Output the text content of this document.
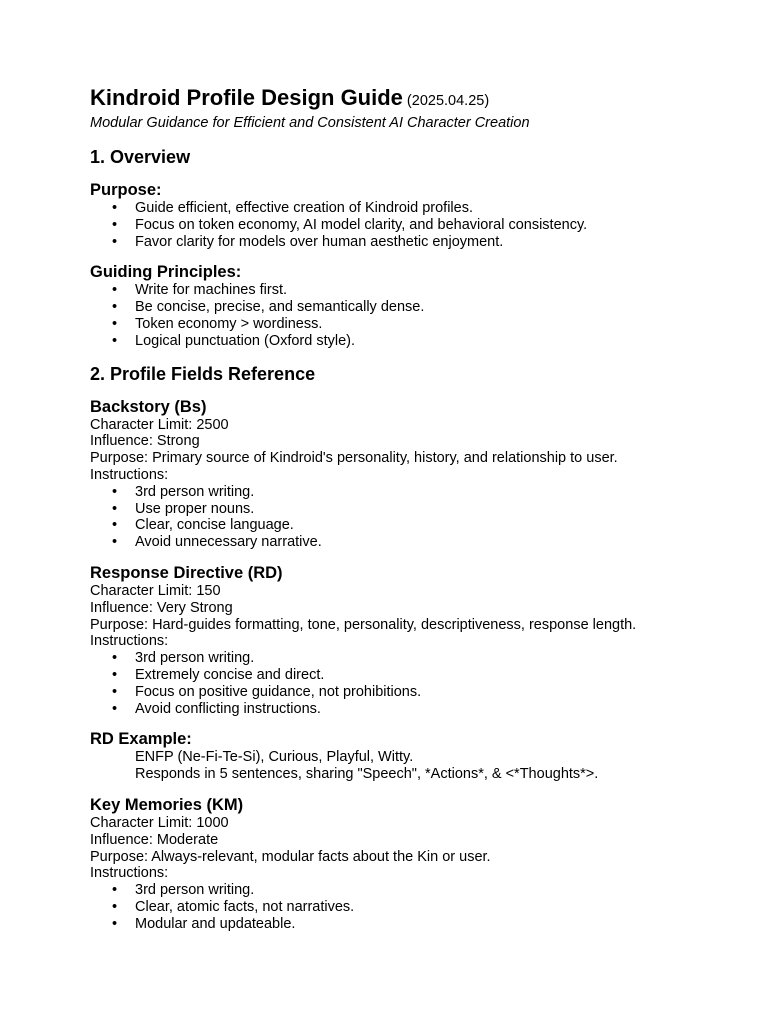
Kindroid Profile Design Guide (2025.04.25)

Modular Guidance for Efficient and Consistent AI Character Creation

1. Overview

Purpose:

• Guide efficient, effective creation of Kindroid profiles.
• Focus on token economy, AI model clarity, and behavioral consistency.
• Favor clarity for models over human aesthetic enjoyment.

Guiding Principles:

• Write for machines first.
• Be concise, precise, and semantically dense.
• Token economy > wordiness.
• Logical punctuation (Oxford style).

2. Profile Fields Reference

Backstory (Bs)

Character Limit: 2500

Influence: Strong

Purpose: Primary source of Kindroid's personality, history, and relationship to user.

Instructions:

• 3rd person writing.
• Use proper nouns.
• Clear, concise language.
• Avoid unnecessary narrative.

Response Directive (RD)

Character Limit: 150

Influence: Very Strong

Purpose: Hard-guides formatting, tone, personality, descriptiveness, response length.

Instructions:

• 3rd person writing.
• Extremely concise and direct.
• Focus on positive guidance, not prohibitions.
• Avoid conflicting instructions.

RD Example:

ENFP (Ne-Fi-Te-Si), Curious, Playful, Witty.

Responds in 5 sentences, sharing "Speech", *Actions*, & <*Thoughts*>.

Key Memories (KM)

Character Limit: 1000

Influence: Moderate

Purpose: Always-relevant, modular facts about the Kin or user.

Instructions:

• 3rd person writing.
• Clear, atomic facts, not narratives.
• Modular and updateable.
